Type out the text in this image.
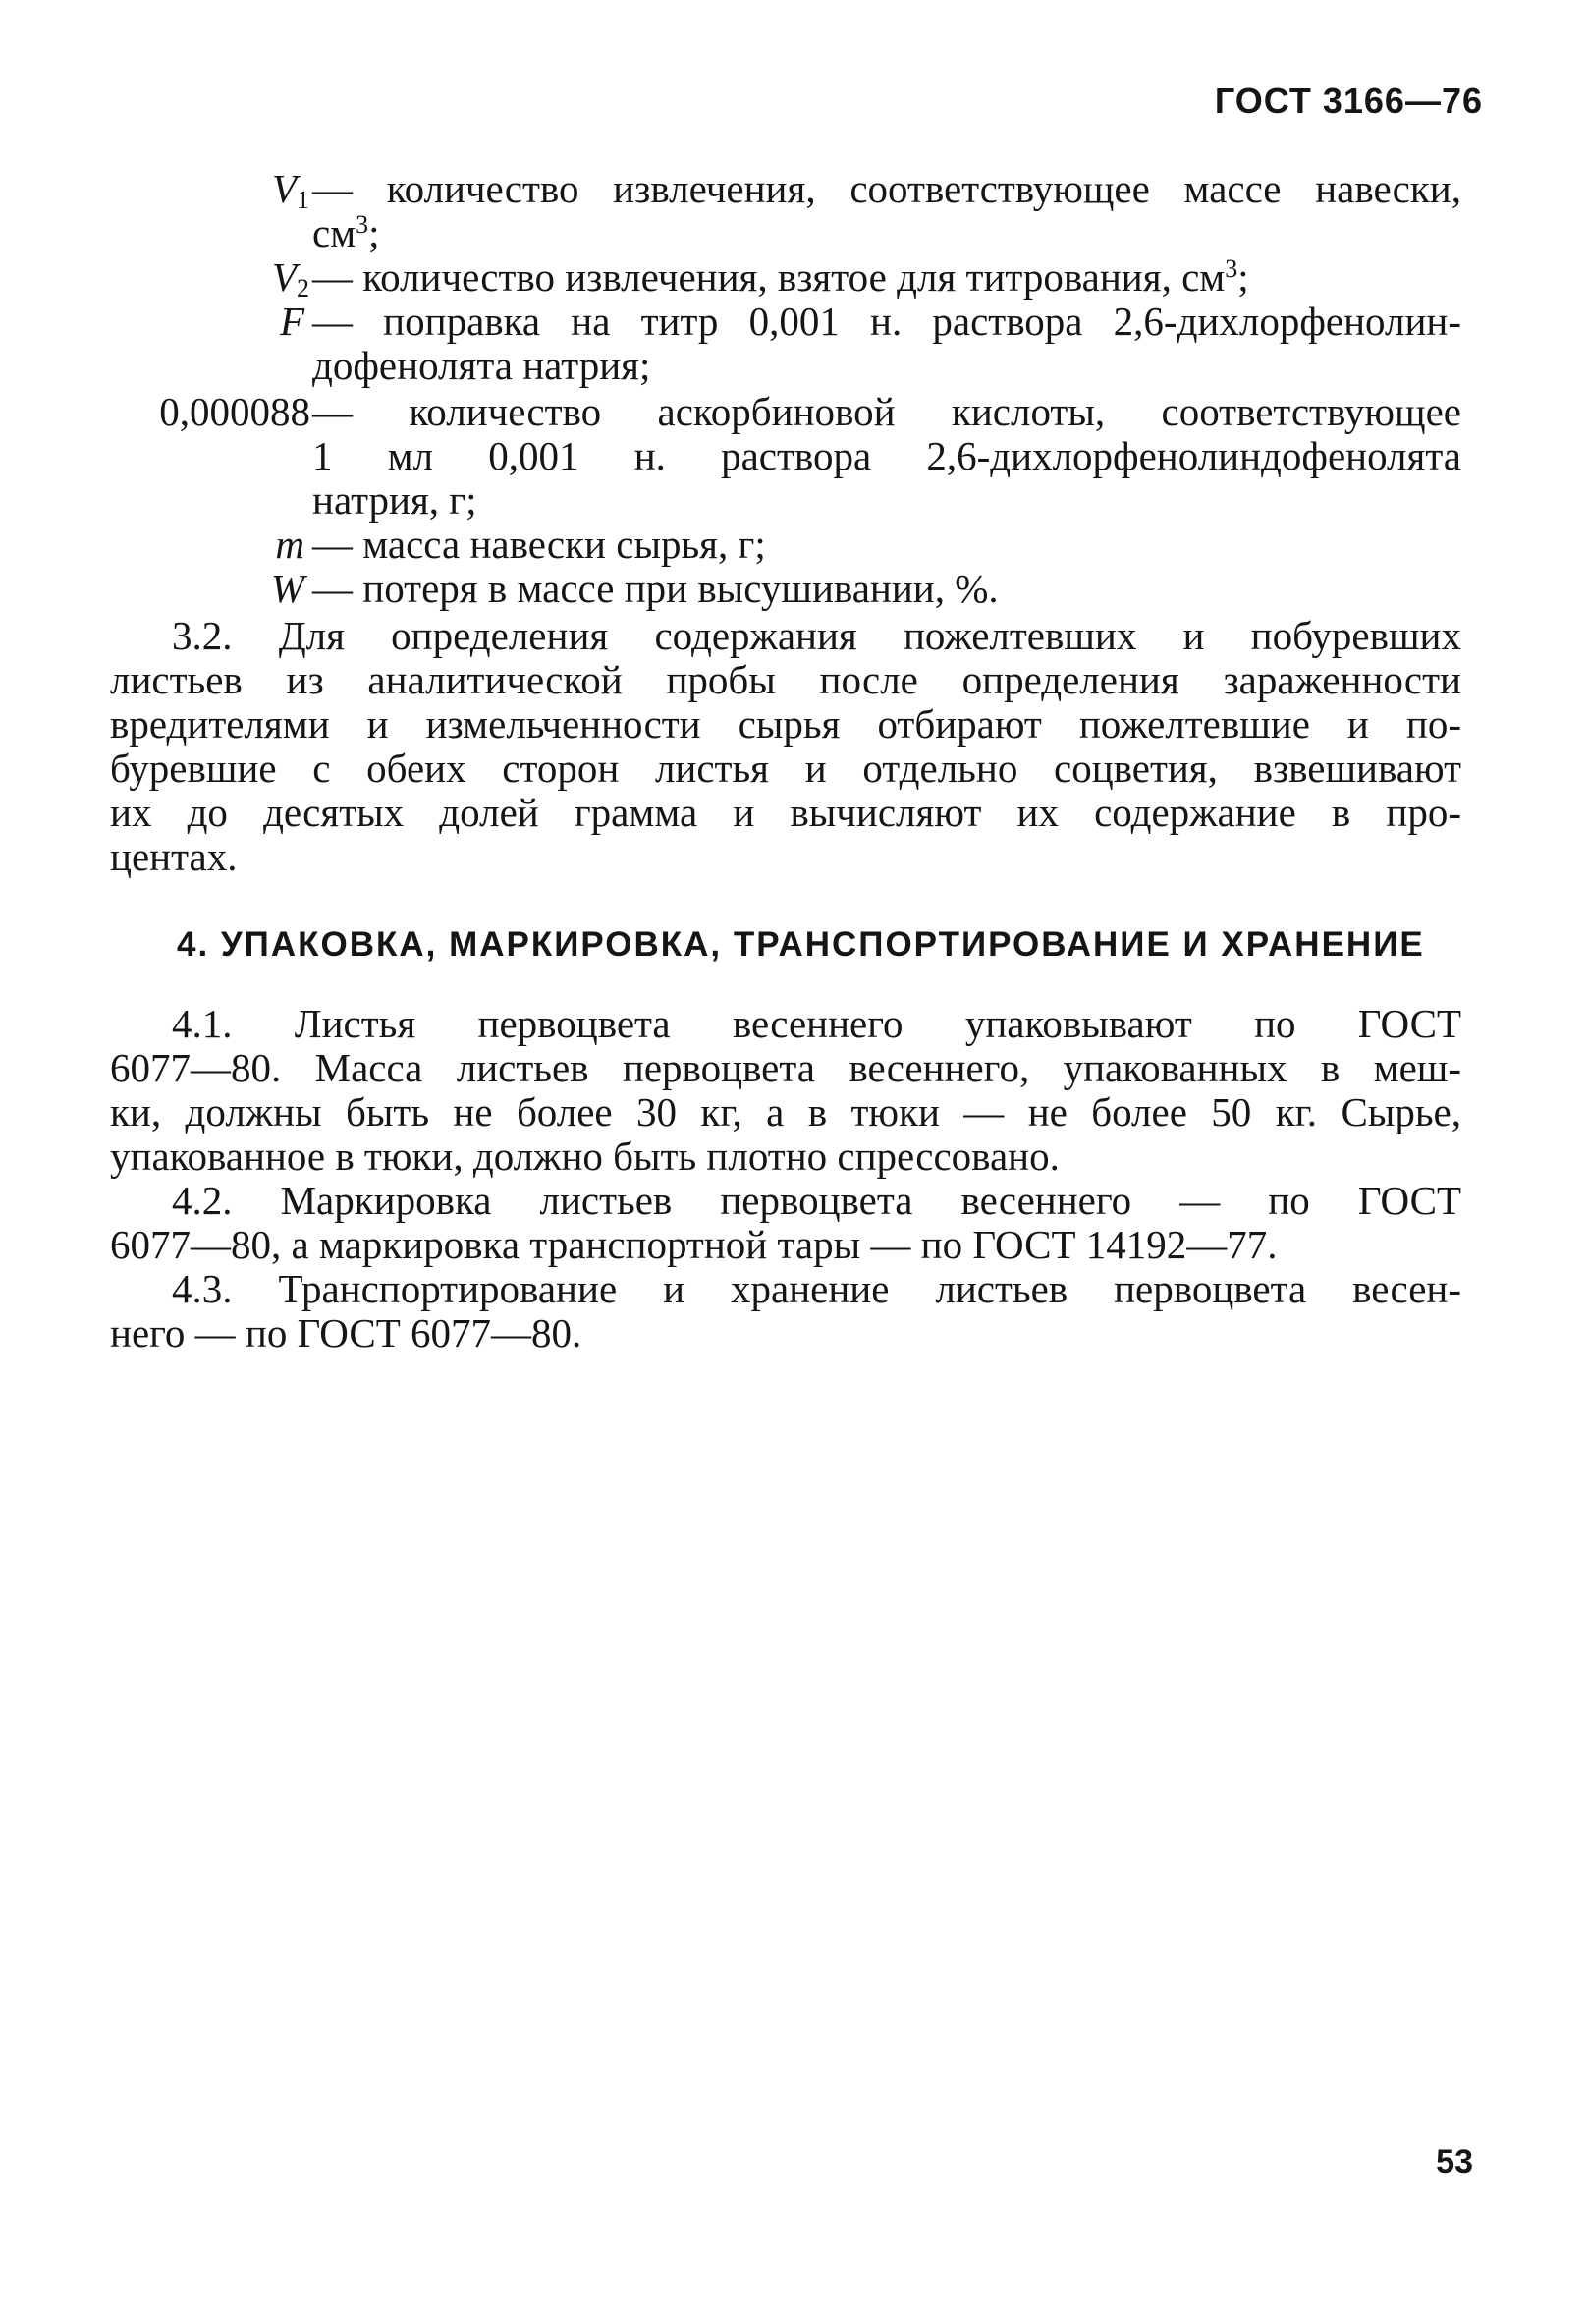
ГОСТ 3166—76
$V_1$ — количество извлечения, соответствующее массе навески,
$см^3$;
$V_2$ — количество извлечения, взятое для титрования, $см^3$;
F — поправка на титр 0,001 н. раствора 2,6-дихлорфенолин-
дофенолята натрия;
0,000088 — количество аскорбиновой кислоты, соответствующее
1 мл 0,001 н. раствора 2,6-дихлорфенолиндофенолята
натрия, г;
m — масса навески сырья, г;
W — потеря в массе при высушивании, %.
3.2. Для определения содержания пожелтевших и побуревших
листьев из аналитической пробы после определения зараженности
вредителями и измельченности сырья отбирают пожелтевшие и по-
буревшие с обеих сторон листья и отдельно соцветия, взвешивают
их до десятых долей грамма и вычисляют их содержание в про-
центах.
4. УПАКОВКА, МАРКИРОВКА, ТРАНСПОРТИРОВАНИЕ И ХРАНЕНИЕ
4.1. Листья первоцвета весеннего упаковывают по ГОСТ
6077—80. Масса листьев первоцвета весеннего, упакованных в меш-
ки, должны быть не более 30 кг, а в тюки — не более 50 кг. Сырье,
упакованное в тюки, должно быть плотно спрессовано.
4.2. Маркировка листьев первоцвета весеннего — по ГОСТ
6077—80, а маркировка транспортной тары — по ГОСТ 14192—77.
4.3. Транспортирование и хранение листьев первоцвета весен-
него — по ГОСТ 6077—80.
53
